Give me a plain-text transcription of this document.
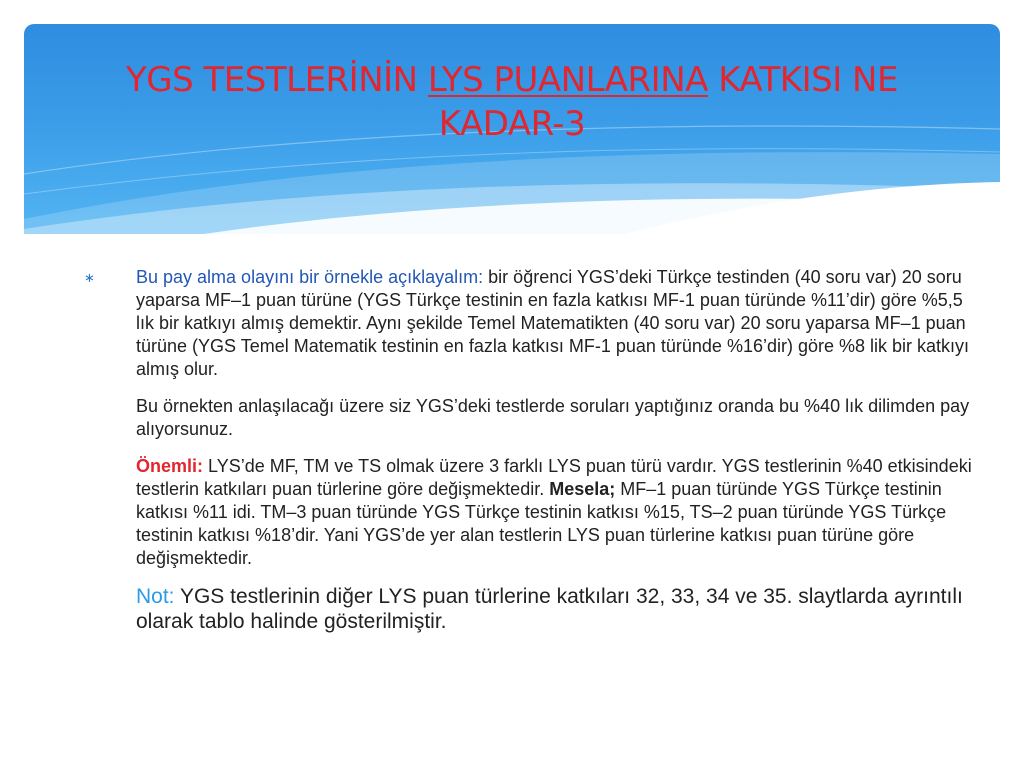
YGS TESTLERİNİN LYS PUANLARINA KATKISI NE KADAR-3
∗ Bu pay alma olayını bir örnekle açıklayalım: bir öğrenci YGS’deki Türkçe testinden (40 soru var) 20 soru yaparsa MF–1 puan türüne (YGS Türkçe testinin en fazla katkısı MF-1 puan türünde %11’dir) göre %5,5 lık bir katkıyı almış demektir. Aynı şekilde Temel Matematikten (40 soru var) 20 soru yaparsa MF–1 puan türüne (YGS Temel Matematik testinin en fazla katkısı MF-1 puan türünde %16’dir) göre %8 lik bir katkıyı almış olur.

Bu örnekten anlaşılacağı üzere siz YGS’deki testlerde soruları yaptığınız oranda bu %40 lık dilimden pay alıyorsunuz.

Önemli: LYS’de MF, TM ve TS olmak üzere 3 farklı LYS puan türü vardır. YGS testlerinin %40 etkisindeki testlerin katkıları puan türlerine göre değişmektedir. Mesela; MF–1 puan türünde YGS Türkçe testinin katkısı %11 idi. TM–3 puan türünde YGS Türkçe testinin katkısı %15, TS–2 puan türünde YGS Türkçe testinin katkısı %18’dir. Yani YGS’de yer alan testlerin LYS puan türlerine katkısı puan türüne göre değişmektedir.

Not: YGS testlerinin diğer LYS puan türlerine katkıları 32, 33, 34 ve 35. slaytlarda ayrıntılı olarak tablo halinde gösterilmiştir.
